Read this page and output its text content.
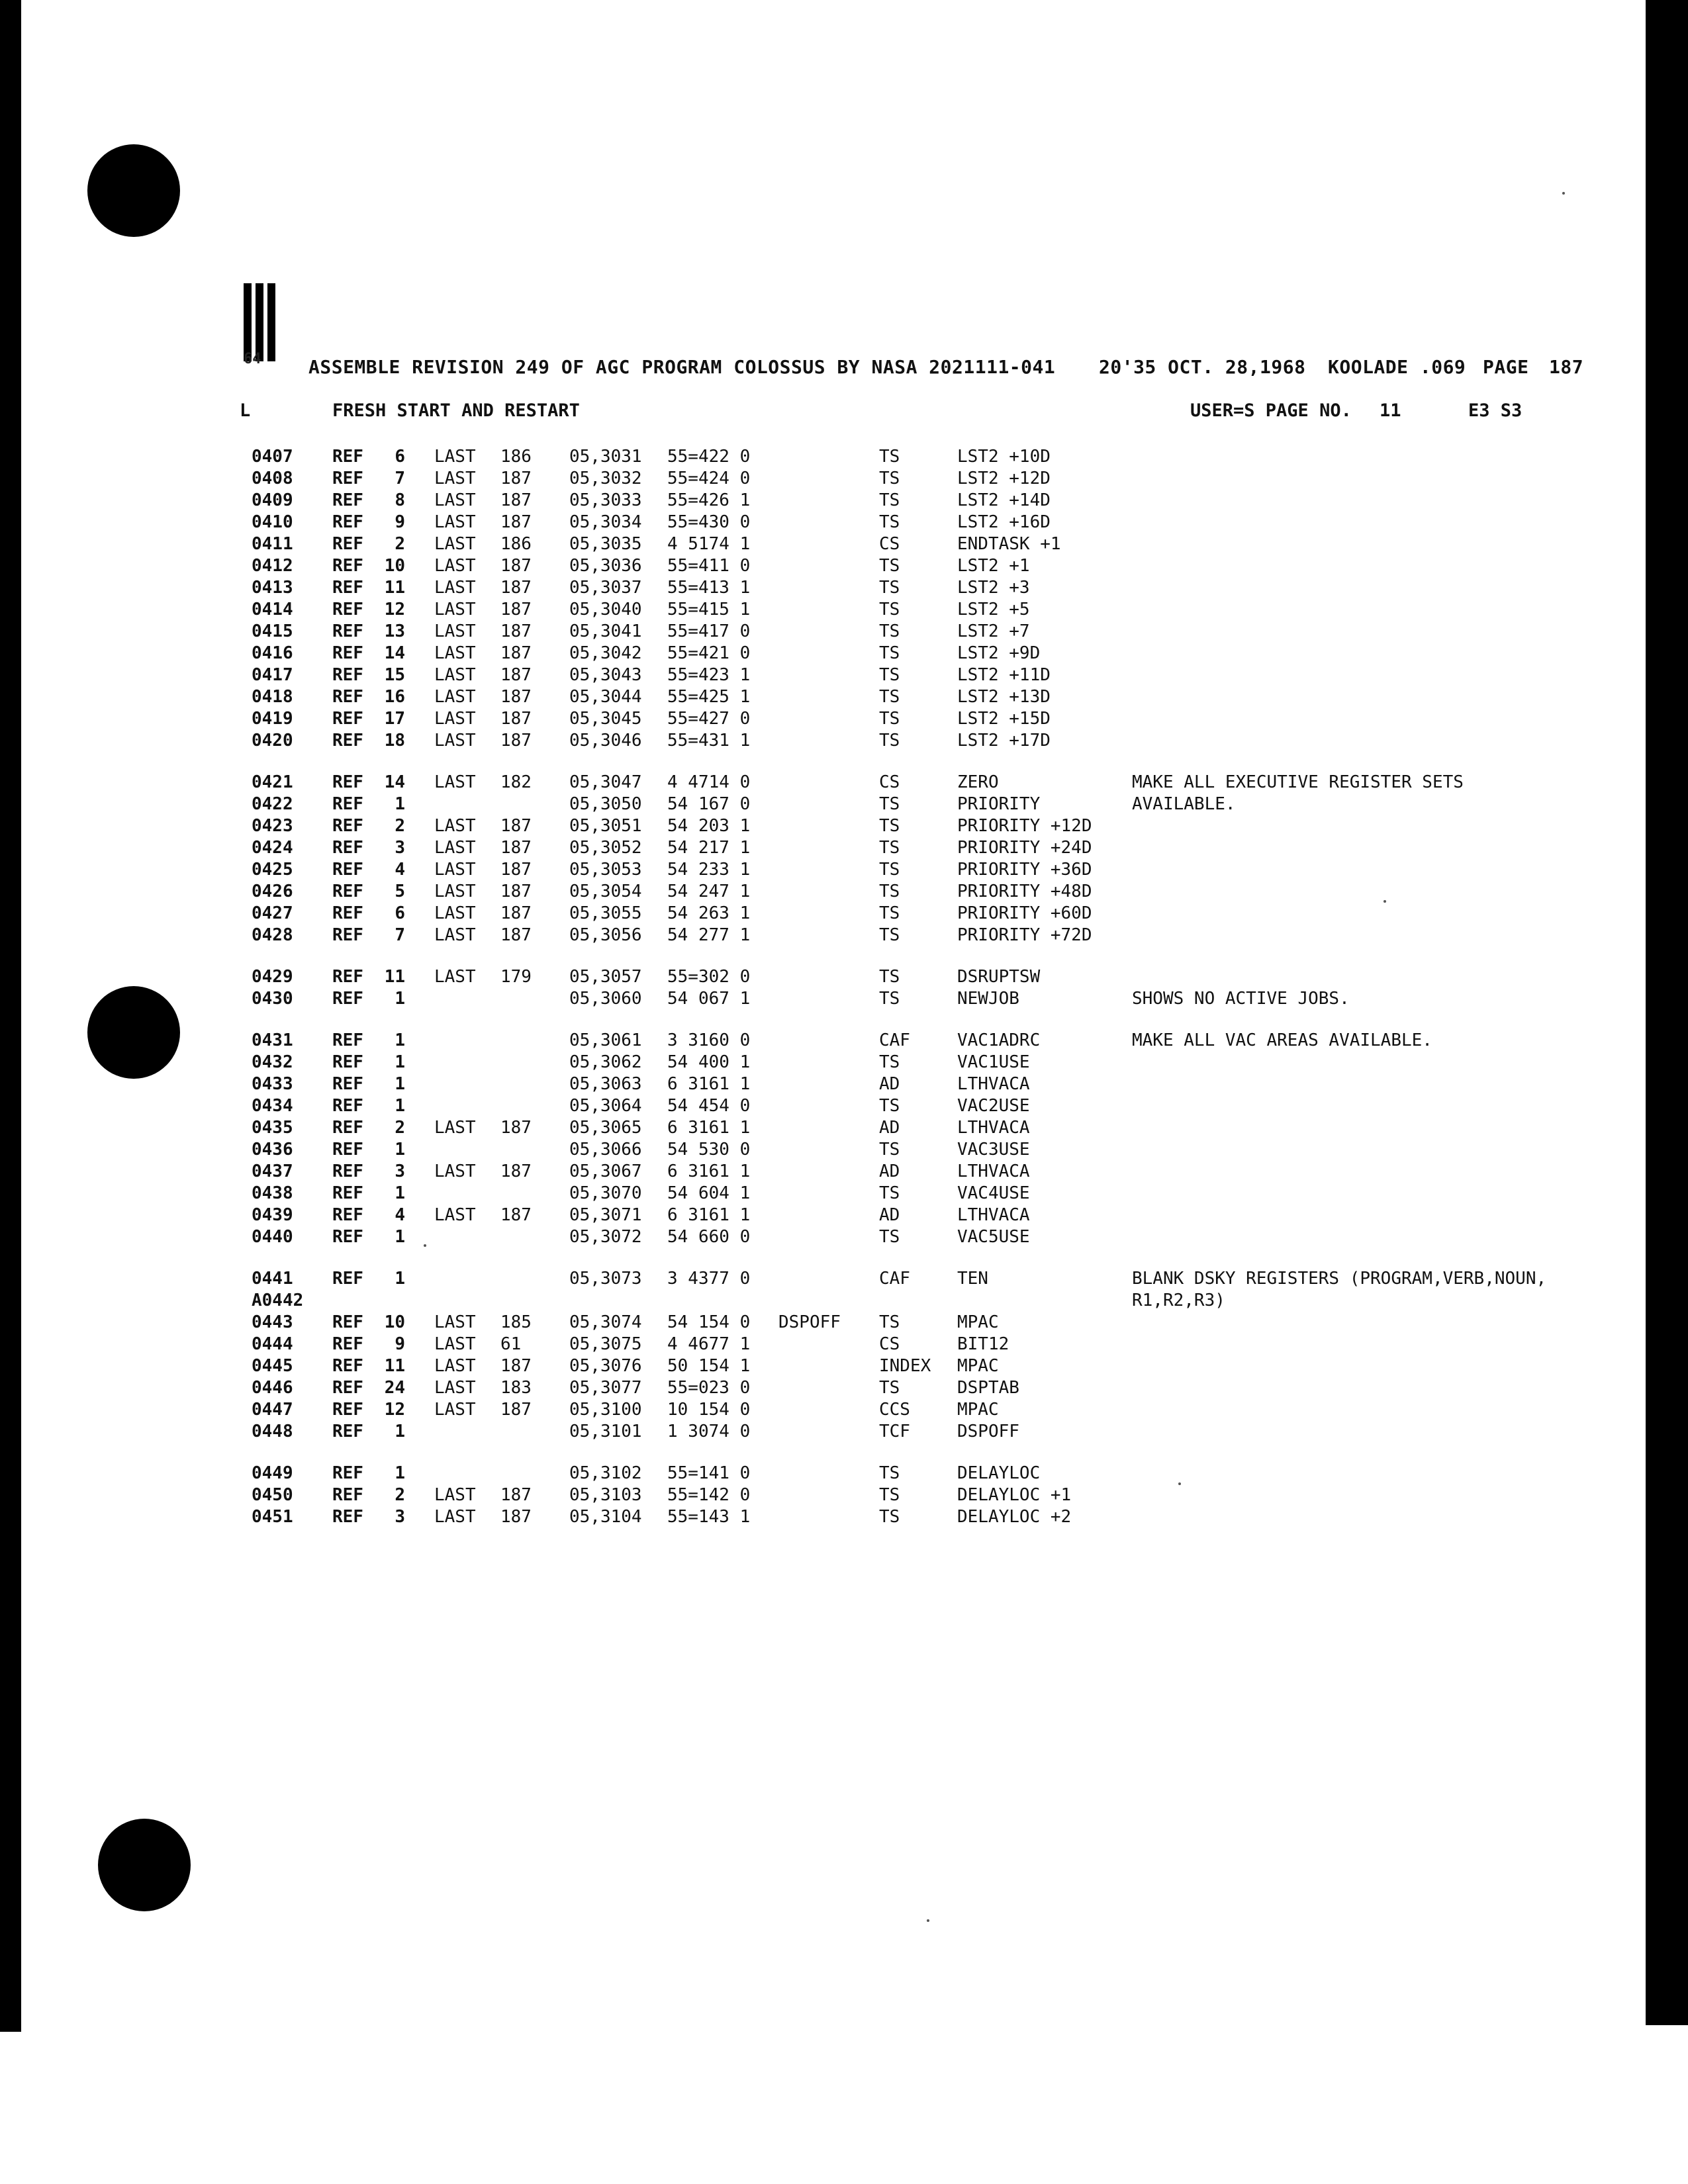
64	ASSEMBLE REVISION 249 OF AGC PROGRAM COLOSSUS BY NASA 2021111-041 20'35 OCT. 28,1968 KOOLADE .069 PAGE 187
L	FRESH START AND RESTART	USER=S PAGE NO. 11	E3 S3
0407 REF	6 LAST 186 05,3031 55=422 0	TS	LST2 +10D
0408 REF	7 LAST 187 05,3032 55=424 0	TS	LST2 +12D
0409 REF	8 LAST 187 05,3033 55=426 1	TS	LST2 +14D
0410 REF	9 LAST 187 05,3034 55=430 0	TS	LST2 +16D
0411 REF	2 LAST 186 05,3035 4 5174 1	CS	ENDTASK +1
0412 REF	10 LAST 187 05,3036 55=411 0	TS	LST2 +1
0413 REF	11 LAST 187 05,3037 55=413 1	TS	LST2 +3
0414 REF	12 LAST 187 05,3040 55=415 1	TS	LST2 +5
0415 REF	13 LAST 187 05,3041 55=417 0	TS	LST2 +7
0416 REF	14 LAST 187 05,3042 55=421 0	TS	LST2 +9D
0417 REF	15 LAST 187 05,3043 55=423 1	TS	LST2 +11D
0418 REF	16 LAST 187 05,3044 55=425 1	TS	LST2 +13D
0419 REF	17 LAST 187 05,3045 55=427 0	TS	LST2 +15D
0420 REF	18 LAST 187 05,3046 55=431 1	TS	LST2 +17D
0421 REF	14 LAST 182 05,3047 4 4714 0	CS	ZERO	MAKE ALL EXECUTIVE REGISTER SETS
0422 REF	1	05,3050 54 167 0	TS	PRIORITY	AVAILABLE.
0423 REF	2 LAST 187 05,3051 54 203 1	TS	PRIORITY +12D
0424 REF	3 LAST 187 05,3052 54 217 1	TS	PRIORITY +24D
0425 REF	4 LAST 187 05,3053 54 233 1	TS	PRIORITY +36D
0426 REF	5 LAST 187 05,3054 54 247 1	TS	PRIORITY +48D
0427 REF	6 LAST 187 05,3055 54 263 1	TS	PRIORITY +60D
0428 REF	7 LAST 187 05,3056 54 277 1	TS	PRIORITY +72D
0429 REF	11 LAST 179 05,3057 55=302 0	TS	DSRUPTSW
0430 REF	1	05,3060 54 067 1	TS	NEWJOB	SHOWS NO ACTIVE JOBS.
0431 REF	1	05,3061 3 3160 0	CAF	VAC1ADRC	MAKE ALL VAC AREAS AVAILABLE.
0432 REF	1	05,3062 54 400 1	TS	VAC1USE
0433 REF	1	05,3063 6 3161 1	AD	LTHVACA
0434 REF	1	05,3064 54 454 0	TS	VAC2USE
0435 REF	2 LAST 187 05,3065 6 3161 1	AD	LTHVACA
0436 REF	1	05,3066 54 530 0	TS	VAC3USE
0437 REF	3 LAST 187 05,3067 6 3161 1	AD	LTHVACA
0438 REF	1	05,3070 54 604 1	TS	VAC4USE
0439 REF	4 LAST 187 05,3071 6 3161 1	AD	LTHVACA
0440 REF	1	05,3072 54 660 0	TS	VAC5USE
0441 REF	1	05,3073 3 4377 0	CAF	TEN	BLANK DSKY REGISTERS (PROGRAM,VERB,NOUN,
A0442	R1,R2,R3)
0443 REF	10 LAST 185 05,3074 54 154 0 DSPOFF TS	MPAC
0444 REF	9 LAST 61	05,3075 4 4677 1	CS	BIT12
0445 REF	11 LAST 187 05,3076 50 154 1	INDEX MPAC
0446 REF	24 LAST 183 05,3077 55=023 0	TS	DSPTAB
0447 REF	12 LAST 187 05,3100 10 154 0	CCS	MPAC
0448 REF	1	05,3101 1 3074 0	TCF	DSPOFF
0449 REF	1	05,3102 55=141 0	TS	DELAYLOC
0450 REF	2 LAST 187 05,3103 55=142 0	TS	DELAYLOC +1
0451 REF	3 LAST 187 05,3104 55=143 1	TS	DELAYLOC +2
